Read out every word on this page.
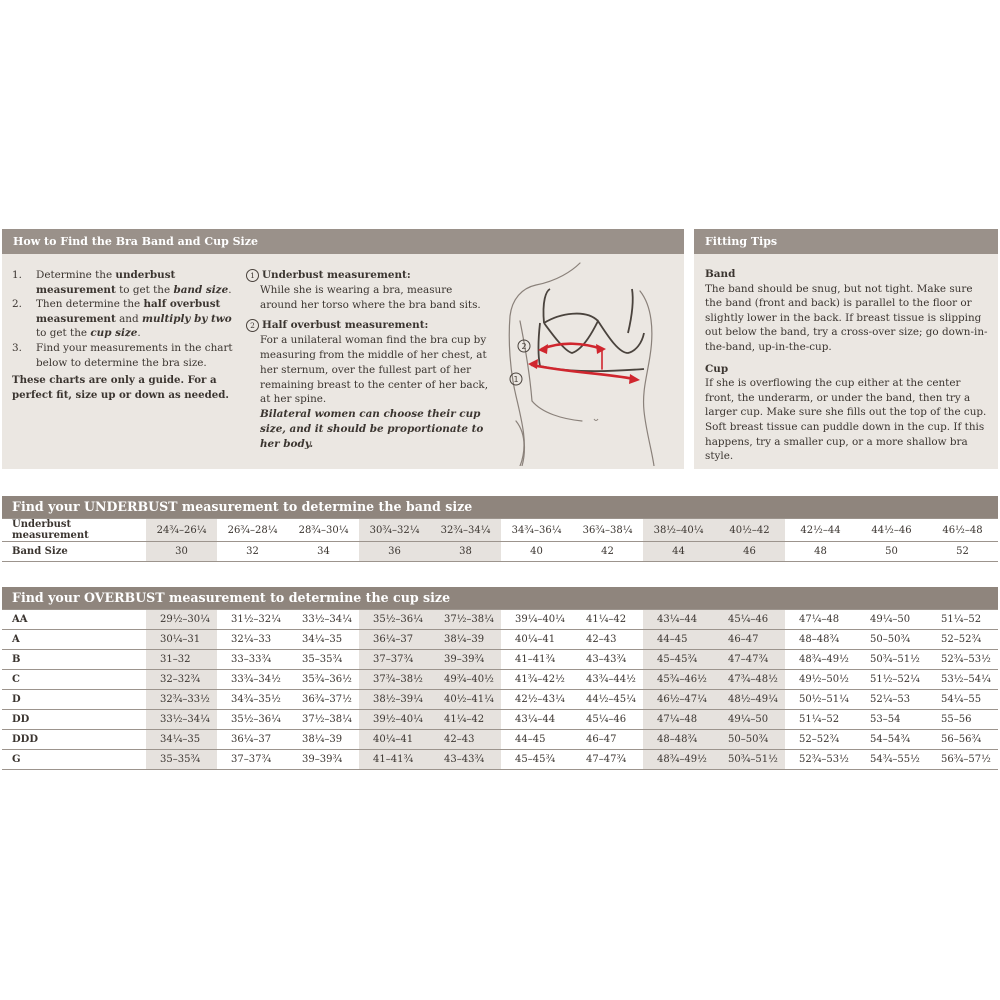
How to Find the Bra Band and Cup Size
1.	Determine the underbust measurement to get the band size.
2.	Then determine the half overbust measurement and multiply by two to get the cup size.
3.	Find your measurements in the chart below to determine the bra size.
These charts are only a guide. For a perfect fit, size up or down as needed.
1 Underbust measurement:
While she is wearing a bra, measure around her torso where the bra band sits.
2 Half overbust measurement:
For a unilateral woman find the bra cup by measuring from the middle of her chest, at her sternum, over the fullest part of her remaining breast to the center of her back, at her spine.
Bilateral women can choose their cup size, and it should be proportionate to her body.
2
1
Fitting Tips
Band
The band should be snug, but not tight. Make sure the band (front and back) is parallel to the floor or slightly lower in the back. If breast tissue is slipping out below the band, try a cross-over size; go down-in-the-band, up-in-the-cup.
Cup
If she is overflowing the cup either at the center front, the underarm, or under the band, then try a larger cup. Make sure she fills out the top of the cup. Soft breast tissue can puddle down in the cup. If this happens, try a smaller cup, or a more shallow bra style.
Find your UNDERBUST measurement to determine the band size
Underbust measurement	24¾–26¼	26¾–28¼	28¾–30¼	30¾–32¼	32¾–34¼	34¾–36¼	36¾–38¼	38½–40¼	40½–42	42½–44	44½–46	46½–48
Band Size	30	32	34	36	38	40	42	44	46	48	50	52
Find your OVERBUST measurement to determine the cup size
AA	29½–30¼	31½–32¼	33½–34¼	35½–36¼	37½–38¼	39¼–40¼	41¼–42	43¼–44	45¼–46	47¼–48	49¼–50	51¼–52
A	30¼–31	32¼–33	34¼–35	36¼–37	38¼–39	40¼–41	42–43	44–45	46–47	48–48¾	50–50¾	52–52¾
B	31–32	33–33¾	35–35¾	37–37¾	39–39¾	41–41¾	43–43¾	45–45¾	47–47¾	48¾–49½	50¾–51½	52¾–53½
C	32–32¾	33¾–34½	35¾–36½	37¾–38½	49¾–40½	41¾–42½	43¾–44½	45¾–46½	47¾–48½	49½–50½	51½–52¼	53½–54¼
D	32¾–33½	34¾–35½	36¾–37½	38½–39¼	40½–41¼	42½–43¼	44½–45¼	46½–47¼	48½–49¼	50½–51¼	52¼–53	54¼–55
DD	33½–34¼	35½–36¼	37½–38¼	39½–40¼	41¼–42	43¼–44	45¼–46	47¼–48	49¼–50	51¼–52	53–54	55–56
DDD	34¼–35	36¼–37	38¼–39	40¼–41	42–43	44–45	46–47	48–48¾	50–50¾	52–52¾	54–54¾	56–56¾
G	35–35¾	37–37¾	39–39¾	41–41¾	43–43¾	45–45¾	47–47¾	48¾–49½	50¾–51½	52¾–53½	54¾–55½	56¾–57½
